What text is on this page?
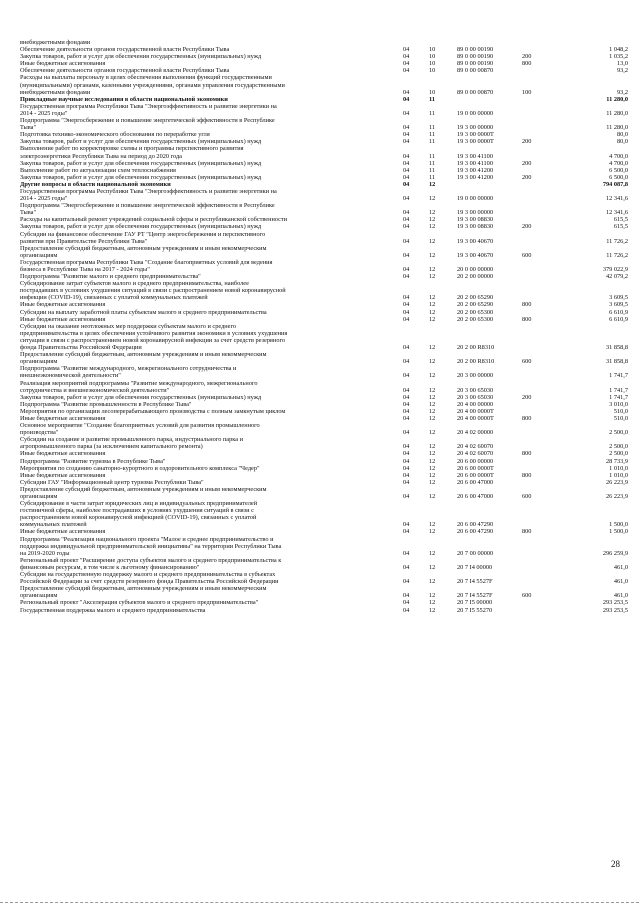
внебюджетными фондами
Обеспечение деятельности органов государственной власти Республики Тыва	04	10	89 0 00 00190	1 048,2
Закупка товаров, работ и услуг для обеспечения государственных (муниципальных) нужд	04	10	89 0 00 00190	200	1 035,2
Иные бюджетные ассигнования	04	10	89 0 00 00190	800	13,0
Обеспечение деятельности органов государственной власти Республики Тыва	04	10	89 0 00 00870	93,2
Расходы на выплаты персоналу в целях обеспечения выполнения функций государственными
(муниципальными) органами, казенными учреждениями, органами управления государственными
внебюджетными фондами	04	10	89 0 00 00870	100	93,2
Прикладные научные исследования в области национальной экономики	04	11	11 280,0
Государственная программа Республики Тыва "Энергоэффективность и развитие энергетики на
2014 - 2025 годы"	04	11	19 0 00 00000	11 280,0
Подпрограмма "Энергосбережение и повышение энергетической эффективности в Республике
Тыва"	04	11	19 3 00 00000	11 280,0
Подготовка технико-экономического обоснования по переработке угля	04	11	19 3 00 0000Т	80,0
Закупка товаров, работ и услуг для обеспечения государственных (муниципальных) нужд	04	11	19 3 00 0000Т	200	80,0
Выполнение работ по корректировке схемы и программы перспективного развития
электроэнергетики Республики Тыва на период до 2020 года	04	11	19 3 00 41100	4 700,0
Закупка товаров, работ и услуг для обеспечения государственных (муниципальных) нужд	04	11	19 3 00 41100	200	4 700,0
Выполнение работ по актуализации схем теплоснабжения	04	11	19 3 00 41200	6 500,0
Закупка товаров, работ и услуг для обеспечения государственных (муниципальных) нужд	04	11	19 3 00 41200	200	6 500,0
Другие вопросы в области национальной экономики	04	12	794 087,8
Государственная программа Республики Тыва "Энергоэффективность и развитие энергетики на
2014 - 2025 годы"	04	12	19 0 00 00000	12 341,6
Подпрограмма "Энергосбережение и повышение энергетической эффективности в Республике
Тыва"	04	12	19 3 00 00000	12 341,6
Расходы на капитальный ремонт учреждений социальной сферы и республиканской собственности	04	12	19 3 00 08830	615,5
Закупка товаров, работ и услуг для обеспечения государственных (муниципальных) нужд	04	12	19 3 00 08830	200	615,5
Субсидии на финансовое обеспечение ГАУ РТ "Центр энергосбережения и перспективного
развития при Правительстве Республики Тыва"	04	12	19 3 00 40670	11 726,2
Предоставление субсидий бюджетным, автономным учреждениям и иным некоммерческим
организациям	04	12	19 3 00 40670	600	11 726,2
Государственная программа Республики Тыва "Создание благоприятных условий для ведения
бизнеса в Республике Тыва на 2017 - 2024 годы"	04	12	20 0 00 00000	379 022,9
Подпрограмма "Развитие малого и среднего предпринимательства"	04	12	20 2 00 00000	42 079,2
Субсидирование затрат субъектов малого и среднего предпринимательства, наиболее
пострадавших в условиях ухудшения ситуаций в связи с распространением новой коронавирусной
инфекции (COVID-19), связанных с уплатой коммунальных платежей	04	12	20 2 00 65290	3 609,5
Иные бюджетные ассигнования	04	12	20 2 00 65290	800	3 609,5
Субсидии на выплату заработной платы субъектам малого и среднего предпринимательства	04	12	20 2 00 65300	6 610,9
Иные бюджетные ассигнования	04	12	20 2 00 65300	800	6 610,9
Субсидии на оказание неотложных мер поддержки субъектам малого и среднего
предпринимательства в целях обеспечения устойчивого развития экономики в условиях ухудшения
ситуации в связи с распространением новой коронавирусной инфекции за счет средств резервного
фонда Правительства Российской Федерации	04	12	20 2 00 R8310	31 858,8
Предоставление субсидий бюджетным, автономным учреждениям и иным некоммерческим
организациям	04	12	20 2 00 R8310	600	31 858,8
Подпрограмма "Развитие международного, межрегионального сотрудничества и
внешнеэкономической деятельности"	04	12	20 3 00 00000	1 741,7
Реализация мероприятий подпрограммы "Развитие международного, межрегионального
сотрудничества и внешнеэкономической деятельности"	04	12	20 3 00 65030	1 741,7
Закупка товаров, работ и услуг для обеспечения государственных (муниципальных) нужд	04	12	20 3 00 65030	200	1 741,7
Подпрограмма "Развитие промышленности в Республике Тыва"	04	12	20 4 00 00000	3 010,0
Мероприятия по организации лесоперерабатывающего производства с полным замкнутым циклом	04	12	20 4 00 0000Т	510,0
Иные бюджетные ассигнования	04	12	20 4 00 0000Т	800	510,0
Основное мероприятие "Создание благоприятных условий для развития промышленного
производства"	04	12	20 4 02 00000	2 500,0
Субсидии на создание и развитие промышленного парка, индустриального парка и
агропромышленного парка (за исключением капитального ремонта)	04	12	20 4 02 60070	2 500,0
Иные бюджетные ассигнования	04	12	20 4 02 60070	800	2 500,0
Подпрограмма "Развитие туризма в Республике Тыва"	04	12	20 6 00 00000	28 733,9
Мероприятия по созданию санаторно-курортного и оздоровительного комплекса "Чедер"	04	12	20 6 00 0000Т	1 010,0
Иные бюджетные ассигнования	04	12	20 6 00 0000Т	800	1 010,0
Субсидии ГАУ "Информационный центр туризма Республики Тыва"	04	12	20 6 00 47000	26 223,9
Предоставление субсидий бюджетным, автономным учреждениям и иным некоммерческим
организациям	04	12	20 6 00 47000	600	26 223,9
Субсидирование в части затрат юридических лиц и индивидуальных предпринимателей
гостиничной сферы, наиболее пострадавших в условиях ухудшения ситуаций в связи с
распространением новой коронавирусной инфекцией (COVID-19), связанных с уплатой
коммунальных платежей	04	12	20 6 00 47290	1 500,0
Иные бюджетные ассигнования	04	12	20 6 00 47290	800	1 500,0
Подпрограмма "Реализация национального проекта "Малое и среднее предпринимательство и
поддержка индивидуальной предпринимательской инициативы" на территории Республики Тыва
на 2019-2020 годы	04	12	20 7 00 00000	296 259,9
Региональный проект "Расширение доступа субъектов малого и среднего предпринимательства к
финансовым ресурсам, в том числе к льготному финансированию"	04	12	20 7 I4 00000	461,0
Субсидия на государственную поддержку малого и среднего предпринимательства в субъектах
Российской Федерации за счет средств резервного фонда Правительства Российской Федерации	04	12	20 7 I4 5527F	461,0
Предоставление субсидий бюджетным, автономным учреждениям и иным некоммерческим
организациям	04	12	20 7 I4 5527F	600	461,0
Региональный проект "Акселерация субъектов малого и среднего предпринимательства"	04	12	20 7 I5 00000	293 253,5
Государственная поддержка малого и среднего предпринимательства	04	12	20 7 I5 55270	293 253,5
28
